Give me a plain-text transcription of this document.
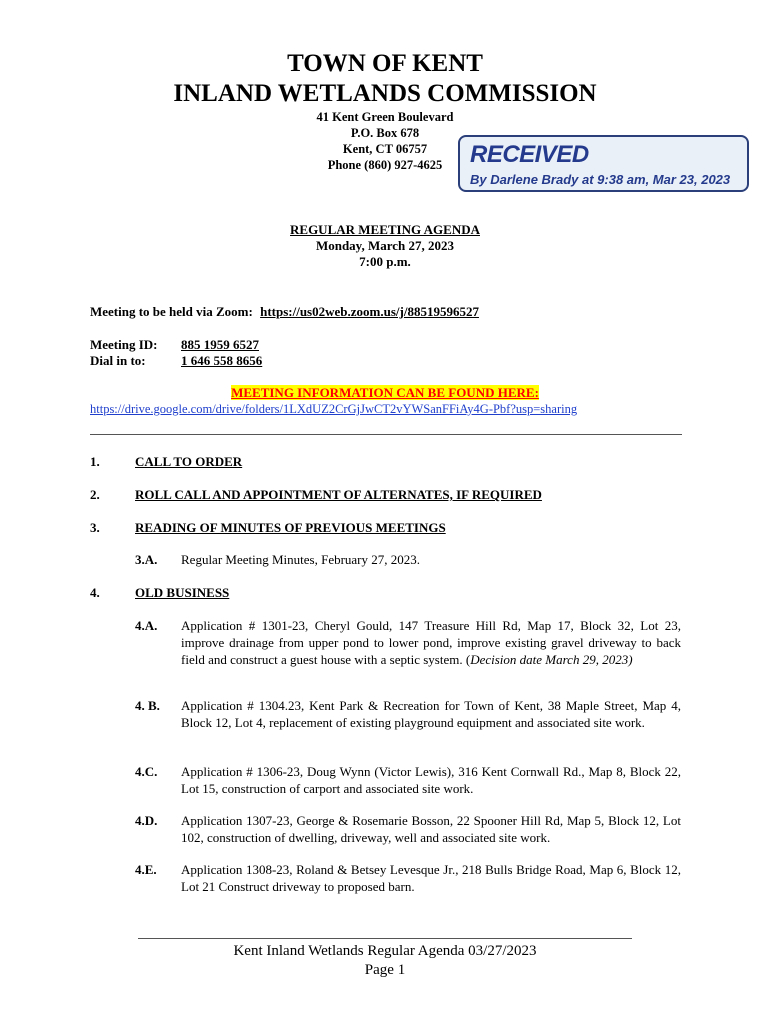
TOWN OF KENT
INLAND WETLANDS COMMISSION
41 Kent Green Boulevard
P.O. Box 678
Kent, CT 06757
Phone (860) 927-4625	RECEIVED
By Darlene Brady at 9:38 am, Mar 23, 2023
REGULAR MEETING AGENDA
Monday, March 27, 2023
7:00 p.m.
Meeting to be held via Zoom: https://us02web.zoom.us/j/88519596527
Meeting ID: 885 1959 6527
Dial in to:	1 646 558 8656
MEETING INFORMATION CAN BE FOUND HERE:
https://drive.google.com/drive/folders/1LXdUZ2CrGjJwCT2vYWSanFFiAy4G-Pbf?usp=sharing
1.	CALL TO ORDER
2.	ROLL CALL AND APPOINTMENT OF ALTERNATES, IF REQUIRED
3.	READING OF MINUTES OF PREVIOUS MEETINGS
3.A. Regular Meeting Minutes, February 27, 2023.
4.	OLD BUSINESS
4.A. Application # 1301-23, Cheryl Gould, 147 Treasure Hill Rd, Map 17, Block 32, Lot 23, improve drainage from upper pond to lower pond, improve existing gravel driveway to back field and construct a guest house with a septic system. (Decision date March 29, 2023)
4. B. Application # 1304.23, Kent Park & Recreation for Town of Kent, 38 Maple Street, Map 4, Block 12, Lot 4, replacement of existing playground equipment and associated site work.
4.C. Application # 1306-23, Doug Wynn (Victor Lewis), 316 Kent Cornwall Rd., Map 8, Block 22, Lot 15, construction of carport and associated site work.
4.D. Application 1307-23, George & Rosemarie Bosson, 22 Spooner Hill Rd, Map 5, Block 12, Lot 102, construction of dwelling, driveway, well and associated site work.
4.E. Application 1308-23, Roland & Betsey Levesque Jr., 218 Bulls Bridge Road, Map 6, Block 12, Lot 21 Construct driveway to proposed barn.
Kent Inland Wetlands Regular Agenda 03/27/2023
Page 1
